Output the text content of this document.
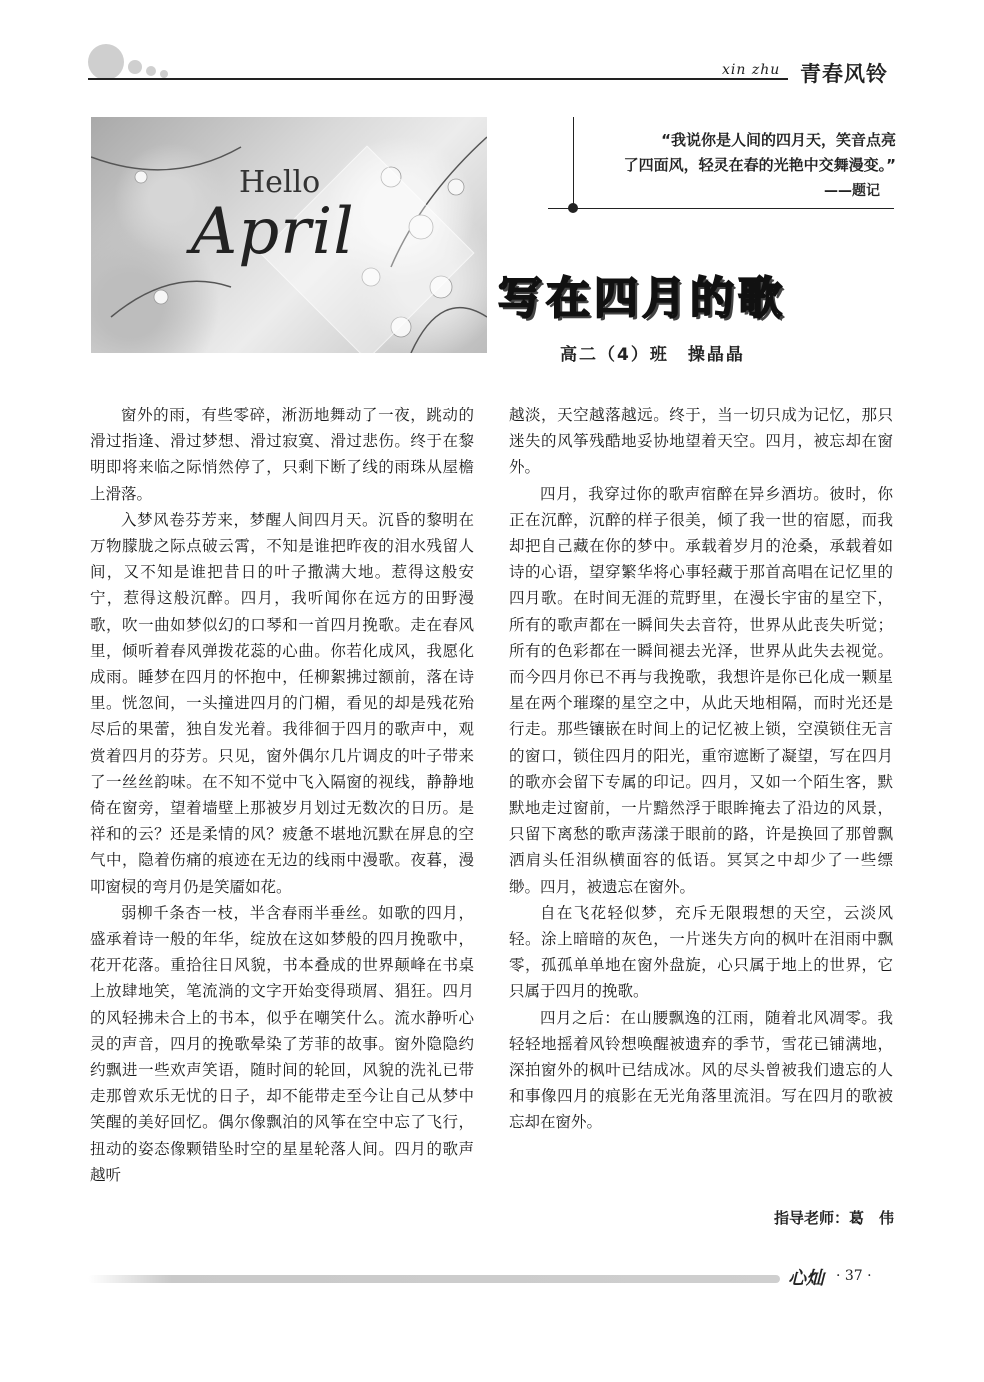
xin zhu 青春风铃
Hello
April
“我说你是人间的四月天，笑音点亮
了四面风，轻灵在春的光艳中交舞漫变。”
——题记
写在四月的歌
高二（4）班　操晶晶

窗外的雨，有些零碎，淅沥地舞动了一夜，跳动的滑过指逢、滑过梦想、滑过寂寞、滑过悲伤。终于在黎明即将来临之际悄然停了，只剩下断了线的雨珠从屋檐上滑落。

入梦风卷芬芳来，梦醒人间四月天。沉昏的黎明在万物朦胧之际点破云霄，不知是谁把昨夜的泪水残留人间，又不知是谁把昔日的叶子撒满大地。惹得这般安宁，惹得这般沉醉。四月，我听闻你在远方的田野漫歌，吹一曲如梦似幻的口琴和一首四月挽歌。走在春风里，倾听着春风弹拨花蕊的心曲。你若化成风，我愿化成雨。睡梦在四月的怀抱中，任柳絮拂过额前，落在诗里。恍忽间，一头撞进四月的门楣，看见的却是残花殆尽后的果蕾，独自发光着。我徘徊于四月的歌声中，观赏着四月的芬芳。只见，窗外偶尔几片调皮的叶子带来了一丝丝韵味。在不知不觉中飞入隔窗的视线，静静地倚在窗旁，望着墙壁上那被岁月划过无数次的日历。是祥和的云？还是柔情的风？疲惫不堪地沉默在屏息的空气中，隐着伤痛的痕迹在无边的线雨中漫歌。夜暮，漫叩窗棂的弯月仍是笑靥如花。

弱柳千条杏一枝，半含春雨半垂丝。如歌的四月，盛承着诗一般的年华，绽放在这如梦般的四月挽歌中，花开花落。重拾往日风貌，书本叠成的世界颠峰在书桌上放肆地笑，笔流淌的文字开始变得琐屑、猖狂。四月的风轻拂未合上的书本，似乎在嘲笑什么。流水静听心灵的声音，四月的挽歌晕染了芳菲的故事。窗外隐隐约约飘进一些欢声笑语，随时间的轮回，风貌的洗礼已带走那曾欢乐无忧的日子，却不能带走至今让自己从梦中笑醒的美好回忆。偶尔像飘泊的风筝在空中忘了飞行，扭动的姿态像颗错坠时空的星星轮落人间。四月的歌声越听

越淡，天空越落越远。终于，当一切只成为记忆，那只迷失的风筝残酷地妥协地望着天空。四月，被忘却在窗外。

四月，我穿过你的歌声宿醉在异乡酒坊。彼时，你正在沉醉，沉醉的样子很美，倾了我一世的宿愿，而我却把自己藏在你的梦中。承载着岁月的沧桑，承载着如诗的心语，望穿繁华将心事轻藏于那首高唱在记忆里的四月歌。在时间无涯的荒野里，在漫长宇宙的星空下，所有的歌声都在一瞬间失去音符，世界从此丧失听觉；所有的色彩都在一瞬间褪去光泽，世界从此失去视觉。而今四月你已不再与我挽歌，我想许是你已化成一颗星星在两个璀璨的星空之中，从此天地相隔，而时光还是行走。那些镶嵌在时间上的记忆被上锁，空漠锁住无言的窗口，锁住四月的阳光，重帘遮断了凝望，写在四月的歌亦会留下专属的印记。四月，又如一个陌生客，默默地走过窗前，一片黯然浮于眼眸掩去了沿边的风景，只留下离愁的歌声荡漾于眼前的路，许是换回了那曾飘洒肩头任泪纵横面容的低语。冥冥之中却少了一些缥缈。四月，被遗忘在窗外。

自在飞花轻似梦，充斥无限瑕想的天空，云淡风轻。涂上暗暗的灰色，一片迷失方向的枫叶在泪雨中飘零，孤孤单单地在窗外盘旋，心只属于地上的世界，它只属于四月的挽歌。

四月之后：在山腰飘逸的江雨，随着北风凋零。我轻轻地摇着风铃想唤醒被遗弃的季节，雪花已铺满地，深拍窗外的枫叶已结成冰。风的尽头曾被我们遗忘的人和事像四月的痕影在无光角落里流泪。写在四月的歌被忘却在窗外。

指导老师：葛　伟
心灿 · 37 ·
